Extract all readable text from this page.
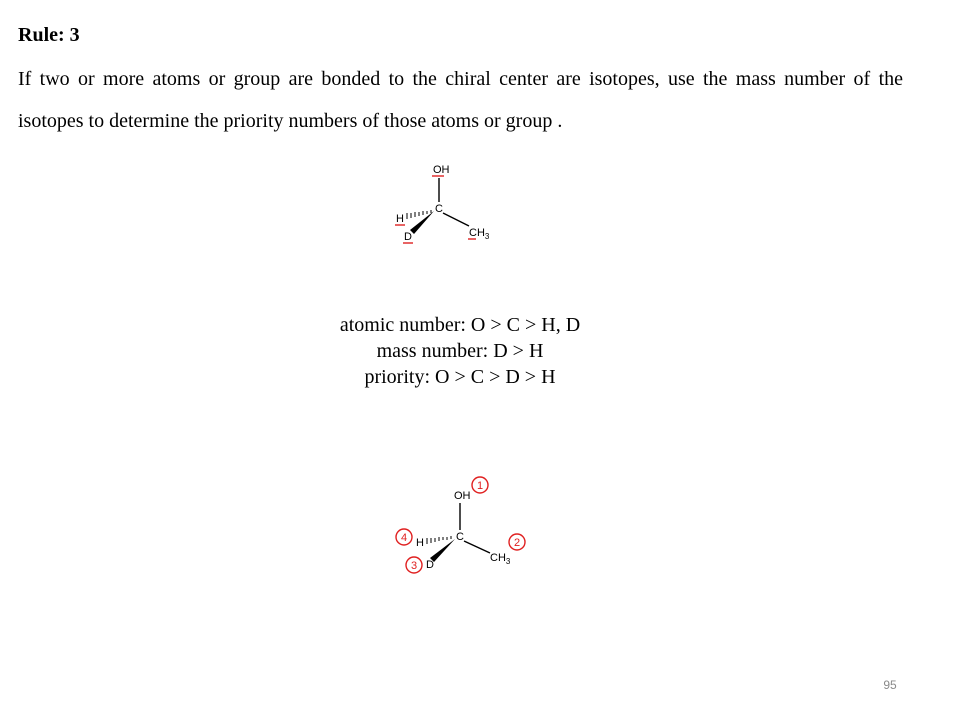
Rule: 3

If two or more atoms or group are bonded to the chiral center are isotopes, use the mass number of the isotopes to determine the priority numbers of those atoms or group .

OH
C
H
D	$CH_3$
atomic number: O > C > H, D
mass number: D > H
priority: O > C > D > H
OH
1
C
4 H
3 D
$CH_3$
2
95
